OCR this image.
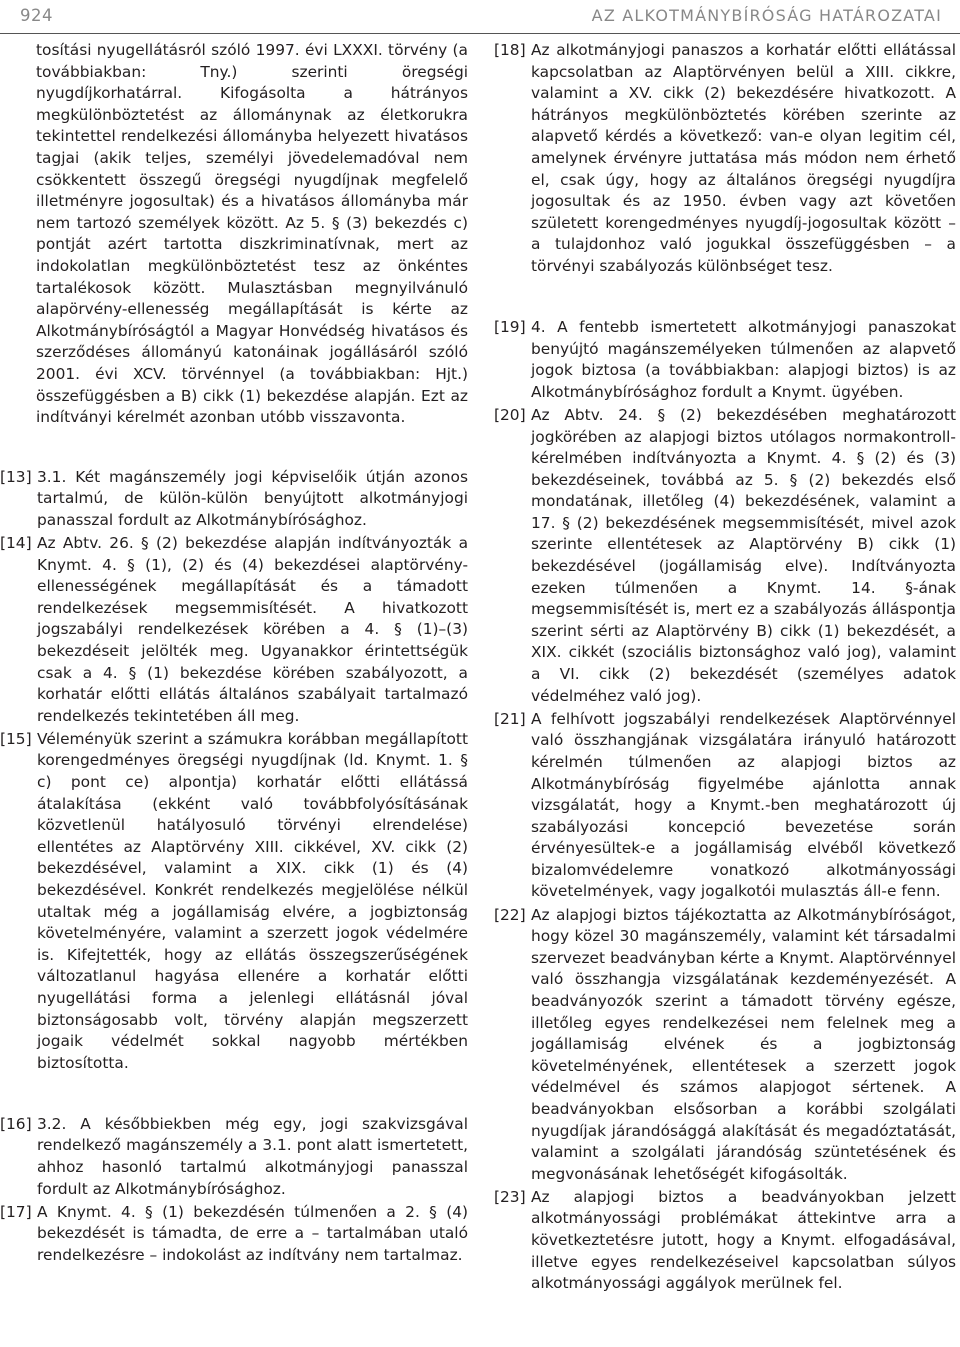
924	AZ ALKOTMÁNYBÍRÓSÁG HATÁROZATAI

tosítási nyugellátásról szóló 1997. évi LXXXI. törvény (a továbbiakban: Tny.) szerinti öregségi nyugdíjkorhatárral. Kifogásolta a hátrányos megkülönböztetést az állománynak az életkorukra tekintettel rendelkezési állományba helyezett hivatásos tagjai (akik teljes, személyi jövedelemadóval nem csökkentett összegű öregségi nyugdíjnak megfelelő illetményre jogosultak) és a hivatásos állományba már nem tartozó személyek között. Az 5. § (3) bekezdés c) pontját azért tartotta diszkriminatívnak, mert az indokolatlan megkülönböztetést tesz az önkéntes tartalékosok között. Mulasztásban megnyilvánuló alapörvény-ellenesség megállapítását is kérte az Alkotmánybíróságtól a Magyar Honvédség hivatásos és szerződéses állományú katonáinak jogállásáról szóló 2001. évi XCV. törvénnyel (a továbbiakban: Hjt.) összefüggésben a B) cikk (1) bekezdése alapján. Ezt az indítványi kérelmét azonban utóbb visszavonta.

[13] 3.1. Két magánszemély jogi képviselőik útján azonos tartalmú, de külön-külön benyújtott alkotmányjogi panasszal fordult az Alkotmánybírósághoz.
[14] Az Abtv. 26. § (2) bekezdése alapján indítványozták a Knymt. 4. § (1), (2) és (4) bekezdései alaptörvény-ellenességének megállapítását és a támadott rendelkezések megsemmisítését. A hivatkozott jogszabályi rendelkezések körében a 4. § (1)–(3) bekezdéseit jelölték meg. Ugyanakkor érintettségük csak a 4. § (1) bekezdése körében szabályozott, a korhatár előtti ellátás általános szabályait tartalmazó rendelkezés tekintetében áll meg.
[15] Véleményük szerint a számukra korábban megállapított korengedményes öregségi nyugdíjnak (ld. Knymt. 1. § c) pont ce) alpontja) korhatár előtti ellátássá átalakítása (ekként való továbbfolyósításának közvetlenül hatályosuló törvényi elrendelése) ellentétes az Alaptörvény XIII. cikkével, XV. cikk (2) bekezdésével, valamint a XIX. cikk (1) és (4) bekezdésével. Konkrét rendelkezés megjelölése nélkül utaltak még a jogállamiság elvére, a jogbiztonság követelményére, valamint a szerzett jogok védelmére is. Kifejtették, hogy az ellátás összegszerűségének változatlanul hagyása ellenére a korhatár előtti nyugellátási forma a jelenlegi ellátásnál jóval biztonságosabb volt, törvény alapján megszerzett jogaik védelmét sokkal nagyobb mértékben biztosította.
[16] 3.2. A későbbiekben még egy, jogi szakvizsgával rendelkező magánszemély a 3.1. pont alatt ismertetett, ahhoz hasonló tartalmú alkotmányjogi panasszal fordult az Alkotmánybírósághoz.
[17] A Knymt. 4. § (1) bekezdésén túlmenően a 2. § (4) bekezdését is támadta, de erre a – tartalmában utaló rendelkezésre – indokolást az indítvány nem tartalmaz.
[18] Az alkotmányjogi panaszos a korhatár előtti ellátással kapcsolatban az Alaptörvényen belül a XIII. cikkre, valamint a XV. cikk (2) bekezdésére hivatkozott. A hátrányos megkülönböztetés körében szerinte az alapvető kérdés a következő: van-e olyan legitim cél, amelynek érvényre juttatása más módon nem érhető el, csak úgy, hogy az általános öregségi nyugdíjra jogosultak és az 1950. évben vagy azt követően született korengedményes nyugdíj-jogosultak között – a tulajdonhoz való jogukkal összefüggésben – a törvényi szabályozás különbséget tesz.
[19] 4. A fentebb ismertetett alkotmányjogi panaszokat benyújtó magánszemélyeken túlmenően az alapvető jogok biztosa (a továbbiakban: alapjogi biztos) is az Alkotmánybírósághoz fordult a Knymt. ügyében.
[20] Az Abtv. 24. § (2) bekezdésében meghatározott jogkörében az alapjogi biztos utólagos normakontroll-kérelmében indítványozta a Knymt. 4. § (2) és (3) bekezdéseinek, továbbá az 5. § (2) bekezdés első mondatának, illetőleg (4) bekezdésének, valamint a 17. § (2) bekezdésének megsemmisítését, mivel azok szerinte ellentétesek az Alaptörvény B) cikk (1) bekezdésével (jogállamiság elve). Indítványozta ezeken túlmenően a Knymt. 14. §-ának megsemmisítését is, mert ez a szabályozás álláspontja szerint sérti az Alaptörvény B) cikk (1) bekezdését, a XIX. cikkét (szociális biztonsághoz való jog), valamint a VI. cikk (2) bekezdését (személyes adatok védelméhez való jog).
[21] A felhívott jogszabályi rendelkezések Alaptörvénnyel való összhangjának vizsgálatára irányuló határozott kérelmén túlmenően az alapjogi biztos az Alkotmánybíróság figyelmébe ajánlotta annak vizsgálatát, hogy a Knymt.-ben meghatározott új szabályozási koncepció bevezetése során érvényesültek-e a jogállamiság elvéből következő bizalomvédelemre vonatkozó alkotmányossági követelmények, vagy jogalkotói mulasztás áll-e fenn.
[22] Az alapjogi biztos tájékoztatta az Alkotmánybíróságot, hogy közel 30 magánszemély, valamint két társadalmi szervezet beadványban kérte a Knymt. Alaptörvénnyel való összhangja vizsgálatának kezdeményezését. A beadványozók szerint a támadott törvény egésze, illetőleg egyes rendelkezései nem felelnek meg a jogállamiság elvének és a jogbiztonság követelményének, ellentétesek a szerzett jogok védelmével és számos alapjogot sértenek. A beadványokban elsősorban a korábbi szolgálati nyugdíjak járandósággá alakítását és megadóztatását, valamint a szolgálati járandóság szüntetésének és megvonásának lehetőségét kifogásolták.
[23] Az alapjogi biztos a beadványokban jelzett alkotmányossági problémákat áttekintve arra a következtetésre jutott, hogy a Knymt. elfogadásával, illetve egyes rendelkezéseivel kapcsolatban súlyos alkotmányossági aggályok merülnek fel.
